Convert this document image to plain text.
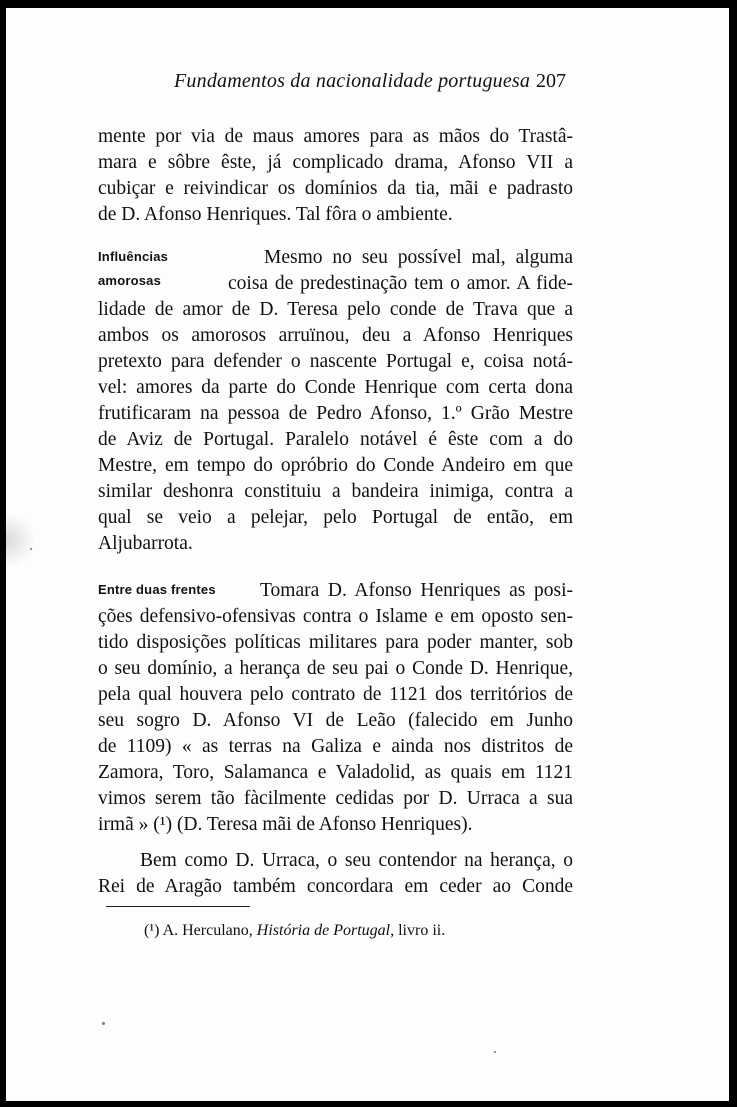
Fundamentos da nacionalidade portuguesa 207
mente por via de maus amores para as mãos do Trastâ-
mara e sôbre êste, já complicado drama, Afonso VII a
cubiçar e reivindicar os domínios da tia, mãi e padrasto
de D. Afonso Henriques. Tal fôra o ambiente.
Influências
amorosas
Mesmo no seu possível mal, alguma
coisa de predestinação tem o amor. A fide-
lidade de amor de D. Teresa pelo conde de Trava que a
ambos os amorosos arruïnou, deu a Afonso Henriques
pretexto para defender o nascente Portugal e, coisa notá-
vel: amores da parte do Conde Henrique com certa dona
frutificaram na pessoa de Pedro Afonso, 1.º Grão Mestre
de Aviz de Portugal. Paralelo notável é êste com a do
Mestre, em tempo do opróbrio do Conde Andeiro em que
similar deshonra constituiu a bandeira inimiga, contra a
qual se veio a pelejar, pelo Portugal de então, em
Aljubarrota.
Entre duas frentes Tomara D. Afonso Henriques as posi-
ções defensivo-ofensivas contra o Islame e em oposto sen-
tido disposições políticas militares para poder manter, sob
o seu domínio, a herança de seu pai o Conde D. Henrique,
pela qual houvera pelo contrato de 1121 dos territórios de
seu sogro D. Afonso VI de Leão (falecido em Junho
de 1109) « as terras na Galiza e ainda nos distritos de
Zamora, Toro, Salamanca e Valadolid, as quais em 1121
vimos serem tão fàcilmente cedidas por D. Urraca a sua
irmã » (¹) (D. Teresa mãi de Afonso Henriques).
Bem como D. Urraca, o seu contendor na herança, o
Rei de Aragão também concordara em ceder ao Conde
(¹) A. Herculano, História de Portugal, livro ii.
